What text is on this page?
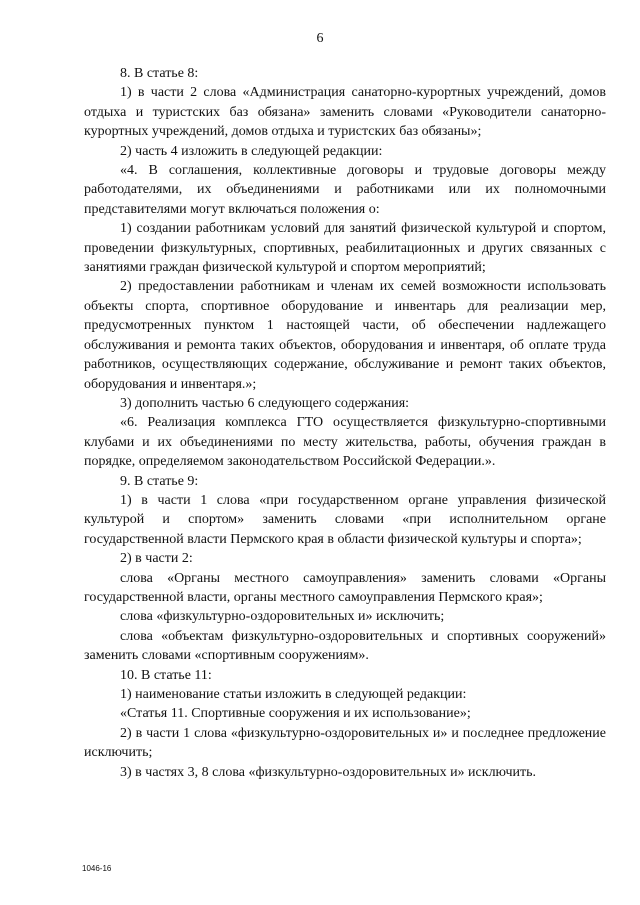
6

8. В статье 8:

1) в части 2 слова «Администрация санаторно-курортных учреждений, домов отдыха и туристских баз обязана» заменить словами «Руководители санаторно-курортных учреждений, домов отдыха и туристских баз обязаны»;

2) часть 4 изложить в следующей редакции:

«4. В соглашения, коллективные договоры и трудовые договоры между работодателями, их объединениями и работниками или их полномочными представителями могут включаться положения о:

1) создании работникам условий для занятий физической культурой и спортом, проведении физкультурных, спортивных, реабилитационных и других связанных с занятиями граждан физической культурой и спортом мероприятий;

2) предоставлении работникам и членам их семей возможности использовать объекты спорта, спортивное оборудование и инвентарь для реализации мер, предусмотренных пунктом 1 настоящей части, об обеспечении надлежащего обслуживания и ремонта таких объектов, оборудования и инвентаря, об оплате труда работников, осуществляющих содержание, обслуживание и ремонт таких объектов, оборудования и инвентаря.»;

3) дополнить частью 6 следующего содержания:

«6. Реализация комплекса ГТО осуществляется физкультурно-спортивными клубами и их объединениями по месту жительства, работы, обучения граждан в порядке, определяемом законодательством Российской Федерации.».

9. В статье 9:

1) в части 1 слова «при государственном органе управления физической культурой и спортом» заменить словами «при исполнительном органе государственной власти Пермского края в области физической культуры и спорта»;

2) в части 2:

слова «Органы местного самоуправления» заменить словами «Органы государственной власти, органы местного самоуправления Пермского края»;

слова «физкультурно-оздоровительных и» исключить;

слова «объектам физкультурно-оздоровительных и спортивных сооружений» заменить словами «спортивным сооружениям».

10. В статье 11:

1) наименование статьи изложить в следующей редакции:

«Статья 11. Спортивные сооружения и их использование»;

2) в части 1 слова «физкультурно-оздоровительных и» и последнее предложение исключить;

3) в частях 3, 8 слова «физкультурно-оздоровительных и» исключить.

1046-16
